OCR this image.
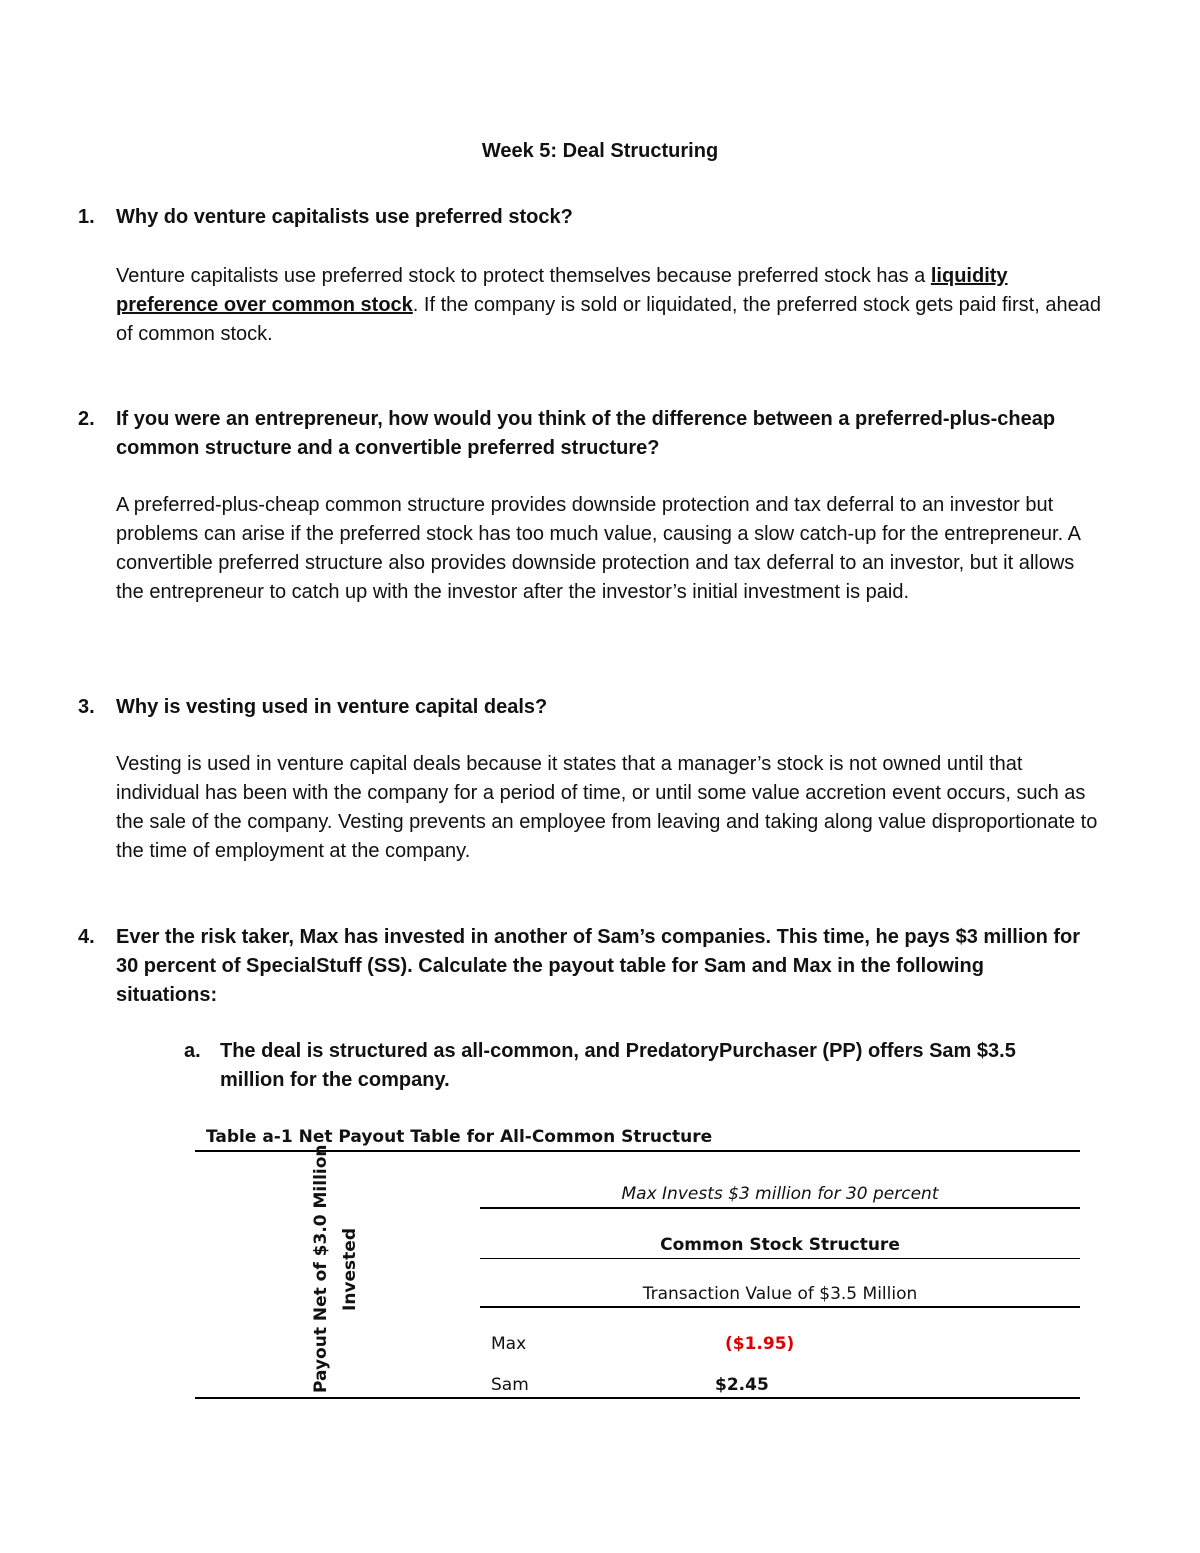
Week 5: Deal Structuring
1. Why do venture capitalists use preferred stock?
Venture capitalists use preferred stock to protect themselves because preferred stock has a liquidity preference over common stock. If the company is sold or liquidated, the preferred stock gets paid first, ahead of common stock.
2. If you were an entrepreneur, how would you think of the difference between a preferred-plus-cheap common structure and a convertible preferred structure?
A preferred-plus-cheap common structure provides downside protection and tax deferral to an investor but problems can arise if the preferred stock has too much value, causing a slow catch-up for the entrepreneur. A convertible preferred structure also provides downside protection and tax deferral to an investor, but it allows the entrepreneur to catch up with the investor after the investor’s initial investment is paid.
3. Why is vesting used in venture capital deals?
Vesting is used in venture capital deals because it states that a manager’s stock is not owned until that individual has been with the company for a period of time, or until some value accretion event occurs, such as the sale of the company. Vesting prevents an employee from leaving and taking along value disproportionate to the time of employment at the company.
4. Ever the risk taker, Max has invested in another of Sam’s companies. This time, he pays $3 million for 30 percent of SpecialStuff (SS). Calculate the payout table for Sam and Max in the following situations:
a. The deal is structured as all-common, and PredatoryPurchaser (PP) offers Sam $3.5 million for the company.
Table a-1 Net Payout Table for All-Common Structure
Payout Net of $3.0 Million Invested
Max Invests $3 million for 30 percent
Common Stock Structure
Transaction Value of $3.5 Million
Max	($1.95)
Sam	$2.45
